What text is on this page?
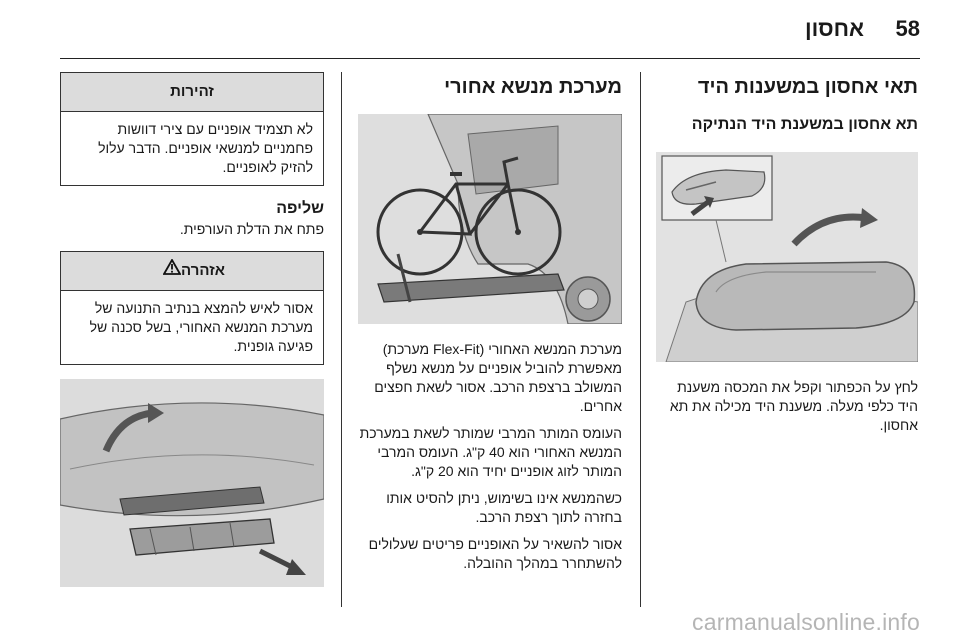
58
אחסון
תאי אחסון במשענות היד
תא אחסון במשענת היד הנתיקה

לחץ על הכפתור וקפל את המכסה משענת היד כלפי מעלה. משענת היד מכילה את תא אחסון.

מערכת מנשא אחורי

מערכת המנשא האחורי (Flex-Fit מערכת) מאפשרת להוביל אופניים על מנשא נשלף המשולב ברצפת הרכב. אסור לשאת חפצים אחרים.

העומס המותר המרבי שמותר לשאת במערכת המנשא האחורי הוא 40 ק"ג. העומס המרבי המותר לזוג אופניים יחיד הוא 20 ק"ג.

כשהמנשא אינו בשימוש, ניתן להסיט אותו בחזרה לתוך רצפת הרכב.

אסור להשאיר על האופניים פריטים שעלולים להשתחרר במהלך ההובלה.

זהירות
לא תצמיד אופניים עם צירי דוושות פחמניים למנשאי אופניים. הדבר עלול להזיק לאופניים.
שליפה

פתח את הדלת העורפית.

אזהרה
אסור לאיש להמצא בנתיב התנועה של מערכת המנשא האחורי, בשל סכנה של פגיעה גופנית.
carmanualsonline.info
